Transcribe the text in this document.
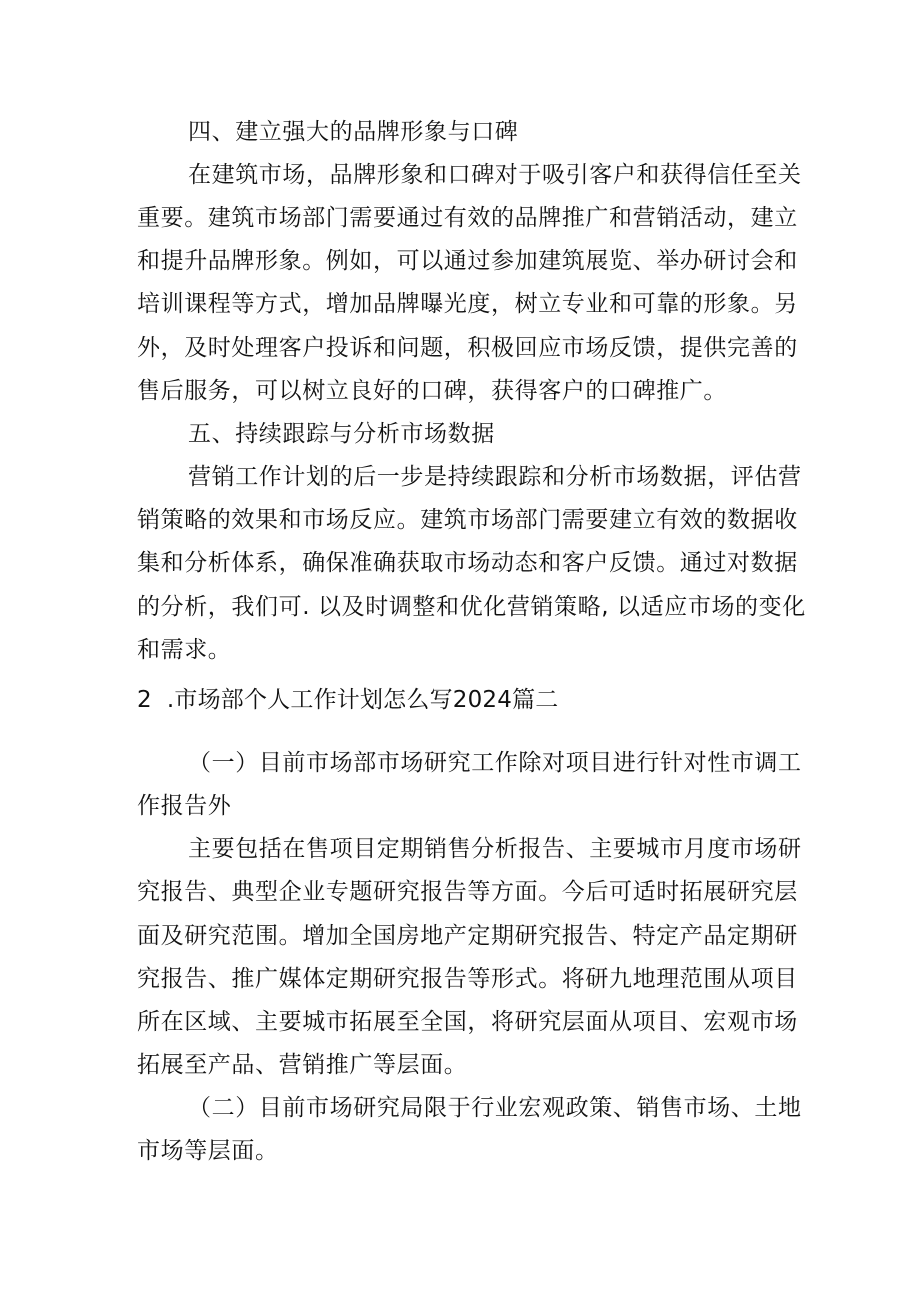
四、建立强大的品牌形象与口碑
在建筑市场，品牌形象和口碑对于吸引客户和获得信任至关
重要。建筑市场部门需要通过有效的品牌推广和营销活动，建立
和提升品牌形象。例如，可以通过参加建筑展览、举办研讨会和
培训课程等方式，增加品牌曝光度，树立专业和可靠的形象。另
外，及时处理客户投诉和问题，积极回应市场反馈，提供完善的
售后服务，可以树立良好的口碑，获得客户的口碑推广。
五、持续跟踪与分析市场数据
营销工作计划的后一步是持续跟踪和分析市场数据，评估营
销策略的效果和市场反应。建筑市场部门需要建立有效的数据收
集和分析体系，确保准确获取市场动态和客户反馈。通过对数据
的分析，我们可. 以及时调整和优化营销策略, 以适应市场的变化
和需求。
2  .市场部个人工作计划怎么写2024篇二
（一）目前市场部市场研究工作除对项目进行针对性市调工
作报告外
主要包括在售项目定期销售分析报告、主要城市月度市场研
究报告、典型企业专题研究报告等方面。今后可适时拓展研究层
面及研究范围。增加全国房地产定期研究报告、特定产品定期研
究报告、推广媒体定期研究报告等形式。将研九地理范围从项目
所在区域、主要城市拓展至全国，将研究层面从项目、宏观市场
拓展至产品、营销推广等层面。
（二）目前市场研究局限于行业宏观政策、销售市场、土地
市场等层面。
